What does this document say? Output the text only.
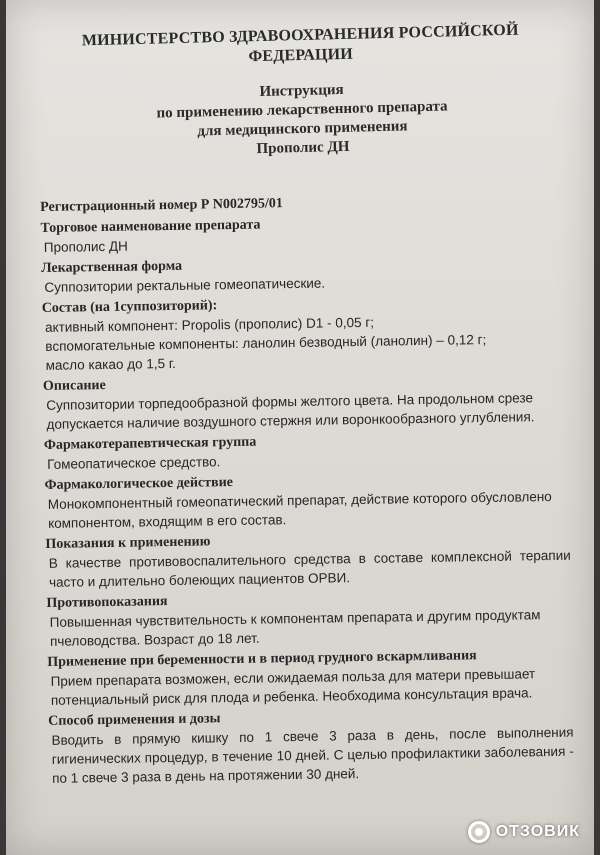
МИНИСТЕРСТВО ЗДРАВООХРАНЕНИЯ РОССИЙСКОЙ
ФЕДЕРАЦИИ
Инструкция
по применению лекарственного препарата
для медицинского применения
Прополис ДН
Регистрационный номер Р N002795/01
Торговое наименование препарата
Прополис ДН
Лекарственная форма
Суппозитории ректальные гомеопатические.
Состав (на 1суппозиторий):
активный компонент: Propolis (прополис) D1 - 0,05 г;
вспомогательные компоненты: ланолин безводный (ланолин) – 0,12 г;
масло какао до 1,5 г.
Описание
Суппозитории торпедообразной формы желтого цвета. На продольном срезе допускается наличие воздушного стержня или воронкообразного углубления.
Фармакотерапевтическая группа
Гомеопатическое средство.
Фармакологическое действие
Монокомпонентный гомеопатический препарат, действие которого обусловлено компонентом, входящим в его состав.
Показания к применению
В качестве противовоспалительного средства в составе комплексной терапии часто и длительно болеющих пациентов ОРВИ.
Противопоказания
Повышенная чувствительность к компонентам препарата и другим продуктам пчеловодства. Возраст до 18 лет.
Применение при беременности и в период грудного вскармливания
Прием препарата возможен, если ожидаемая польза для матери превышает потенциальный риск для плода и ребенка. Необходима консультация врача.
Способ применения и дозы
Вводить в прямую кишку по 1 свече 3 раза в день, после выполнения гигиенических процедур, в течение 10 дней. С целью профилактики заболевания - по 1 свече 3 раза в день на протяжении 30 дней.
ОТЗОВИК
